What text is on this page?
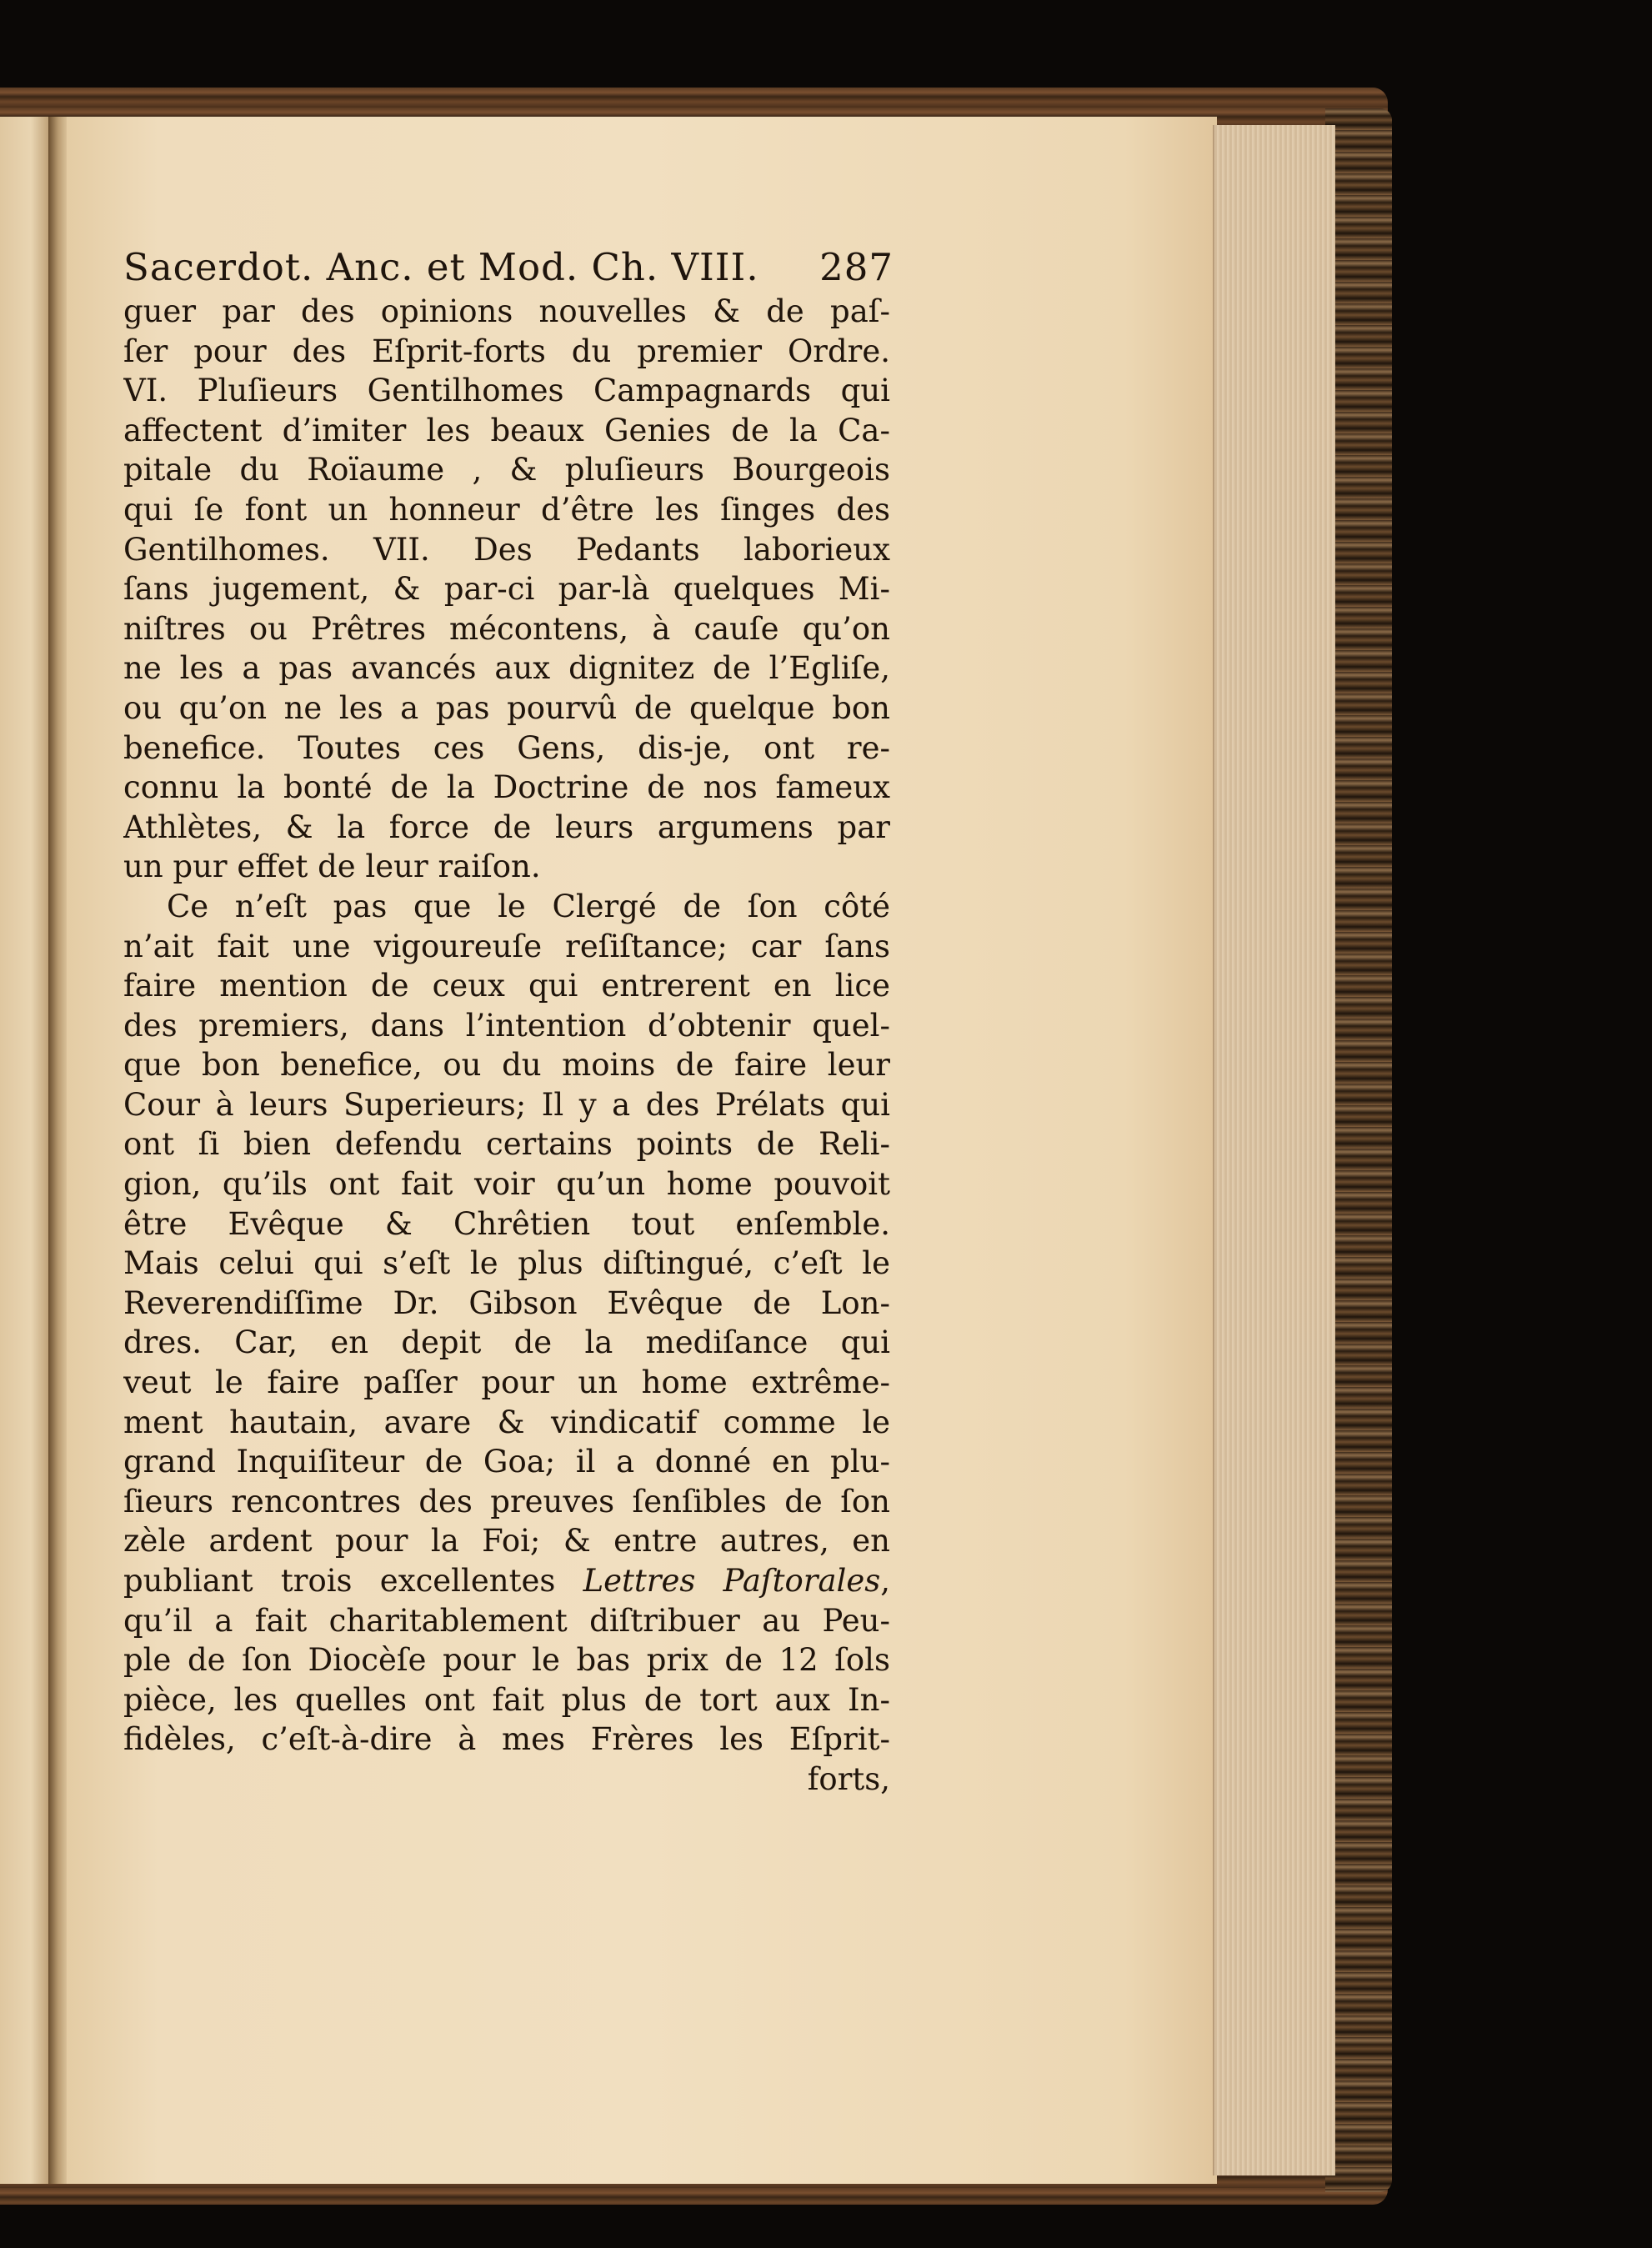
Sacerdot. Anc. et Mod. Ch. VIII.	287
guer par des opinions nouvelles & de paſ-
ſer pour des Eſprit-forts du premier Ordre.
VI. Pluſieurs Gentilhomes Campagnards qui
affectent d’imiter les beaux Genies de la Ca-
pitale du Roïaume , & pluſieurs Bourgeois
qui ſe font un honneur d’être les ſinges des
Gentilhomes. VII. Des Pedants laborieux
ſans jugement, & par-ci par-là quelques Mi-
niſtres ou Prêtres mécontens, à cauſe qu’on
ne les a pas avancés aux dignitez de l’Egliſe,
ou qu’on ne les a pas pourvû de quelque bon
benefice. Toutes ces Gens, dis-je, ont re-
connu la bonté de la Doctrine de nos fameux
Athlètes, & la force de leurs argumens par
un pur effet de leur raiſon.
Ce n’eſt pas que le Clergé de ſon côté
n’ait fait une vigoureuſe reſiſtance; car ſans
faire mention de ceux qui entrerent en lice
des premiers, dans l’intention d’obtenir quel-
que bon benefice, ou du moins de faire leur
Cour à leurs Superieurs; Il y a des Prélats qui
ont ſi bien defendu certains points de Reli-
gion, qu’ils ont fait voir qu’un home pouvoit
être Evêque & Chrêtien tout enſemble.
Mais celui qui s’eſt le plus diſtingué, c’eſt le
Reverendiſſime Dr. Gibson Evêque de Lon-
dres. Car, en depit de la mediſance qui
veut le faire paſſer pour un home extrême-
ment hautain, avare & vindicatif comme le
grand Inquiſiteur de Goa; il a donné en plu-
ſieurs rencontres des preuves ſenſibles de ſon
zèle ardent pour la Foi; & entre autres, en
publiant trois excellentes Lettres Paſtorales,
qu’il a fait charitablement diſtribuer au Peu-
ple de ſon Diocèſe pour le bas prix de 12 ſols
pièce, les quelles ont fait plus de tort aux In-
fidèles, c’eſt-à-dire à mes Frères les Eſprit-
forts,
